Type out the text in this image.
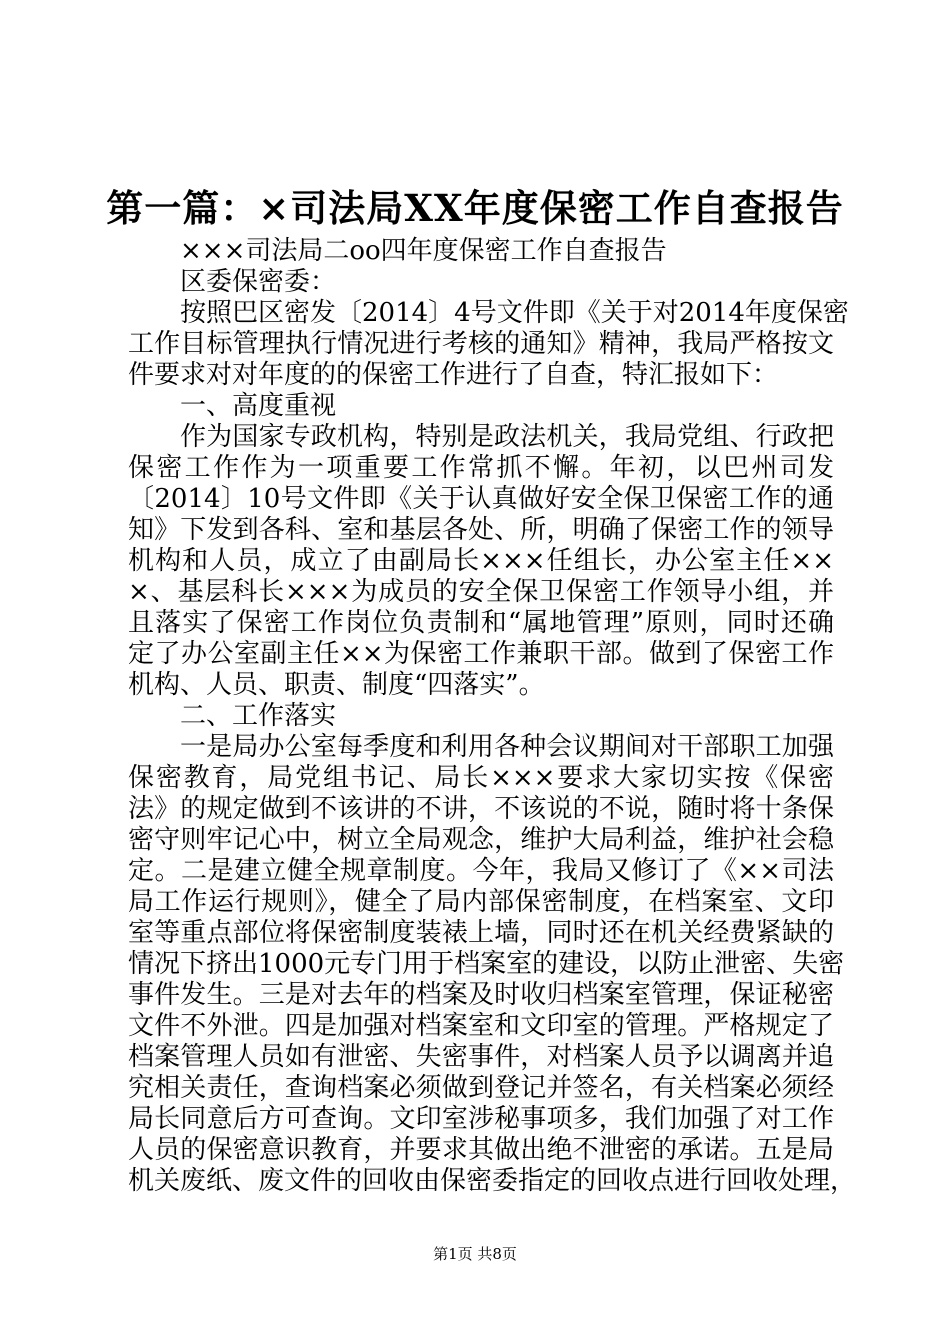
第一篇：×司法局XX年度保密工作自查报告
×××司法局二oo四年度保密工作自查报告
区委保密委：
按照巴区密发〔2014〕4号文件即《关于对2014年度保密
工作目标管理执行情况进行考核的通知》精神，我局严格按文
件要求对对年度的的保密工作进行了自查，特汇报如下：
一、高度重视
作为国家专政机构，特别是政法机关，我局党组、行政把
保密工作作为一项重要工作常抓不懈。年初，以巴州司发
〔2014〕10号文件即《关于认真做好安全保卫保密工作的通
知》下发到各科、室和基层各处、所，明确了保密工作的领导
机构和人员，成立了由副局长×××任组长，办公室主任××
×、基层科长×××为成员的安全保卫保密工作领导小组，并
且落实了保密工作岗位负责制和“属地管理”原则，同时还确
定了办公室副主任××为保密工作兼职干部。做到了保密工作
机构、人员、职责、制度“四落实”。
二、工作落实
一是局办公室每季度和利用各种会议期间对干部职工加强
保密教育，局党组书记、局长×××要求大家切实按《保密
法》的规定做到不该讲的不讲，不该说的不说，随时将十条保
密守则牢记心中，树立全局观念，维护大局利益，维护社会稳
定。二是建立健全规章制度。今年，我局又修订了《××司法
局工作运行规则》，健全了局内部保密制度，在档案室、文印
室等重点部位将保密制度装裱上墙，同时还在机关经费紧缺的
情况下挤出1000元专门用于档案室的建设，以防止泄密、失密
事件发生。三是对去年的档案及时收归档案室管理，保证秘密
文件不外泄。四是加强对档案室和文印室的管理。严格规定了
档案管理人员如有泄密、失密事件，对档案人员予以调离并追
究相关责任，查询档案必须做到登记并签名，有关档案必须经
局长同意后方可查询。文印室涉秘事项多，我们加强了对工作
人员的保密意识教育，并要求其做出绝不泄密的承诺。五是局
机关废纸、废文件的回收由保密委指定的回收点进行回收处理，
第1页 共8页
